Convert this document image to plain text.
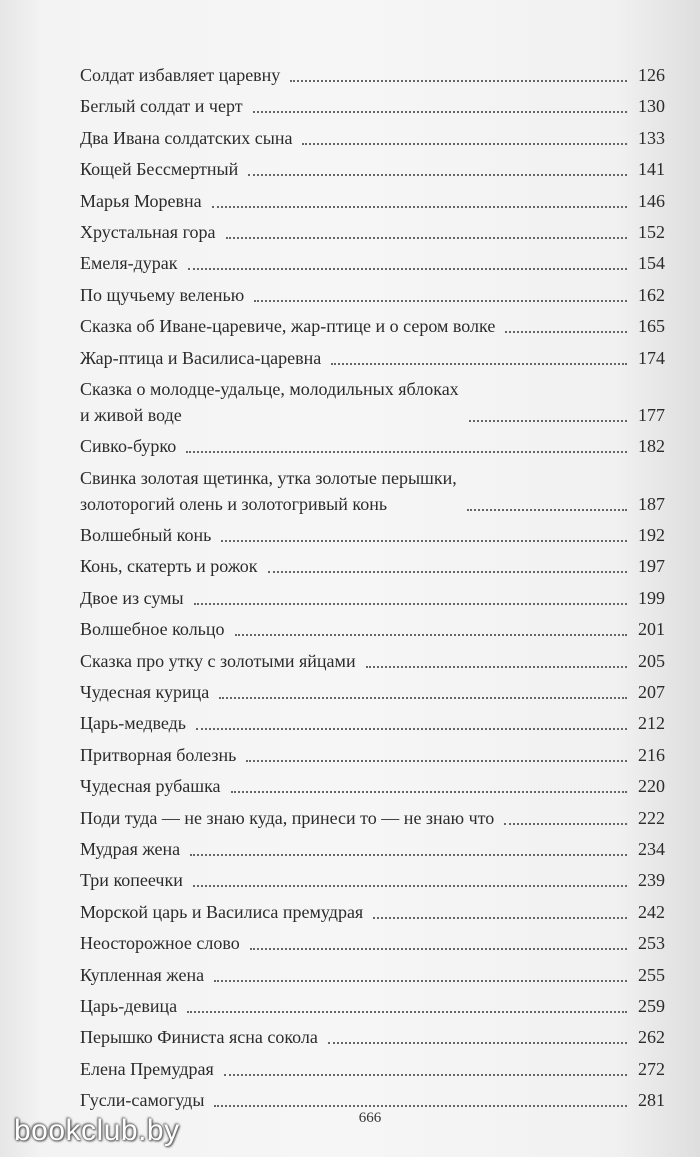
Солдат избавляет царевну	126
Беглый солдат и черт	130
Два Ивана солдатских сына	133
Кощей Бессмертный	141
Марья Моревна	146
Хрустальная гора	152
Емеля-дурак	154
По щучьему веленью	162
Сказка об Иване-царевиче, жар-птице и о сером волке	165
Жар-птица и Василиса-царевна	174
Сказка о молодце-удальце, молодильных яблоках
и живой воде	177
Сивко-бурко	182
Свинка золотая щетинка, утка золотые перышки,
золоторогий олень и золотогривый конь	187
Волшебный конь	192
Конь, скатерть и рожок	197
Двое из сумы	199
Волшебное кольцо	201
Сказка про утку с золотыми яйцами	205
Чудесная курица	207
Царь-медведь	212
Притворная болезнь	216
Чудесная рубашка	220
Поди туда — не знаю куда, принеси то — не знаю что	222
Мудрая жена	234
Три копеечки	239
Морской царь и Василиса премудрая	242
Неосторожное слово	253
Купленная жена	255
Царь-девица	259
Перышко Финиста ясна сокола	262
Елена Премудрая	272
Гусли-самогуды	281
666
bookclub.by
